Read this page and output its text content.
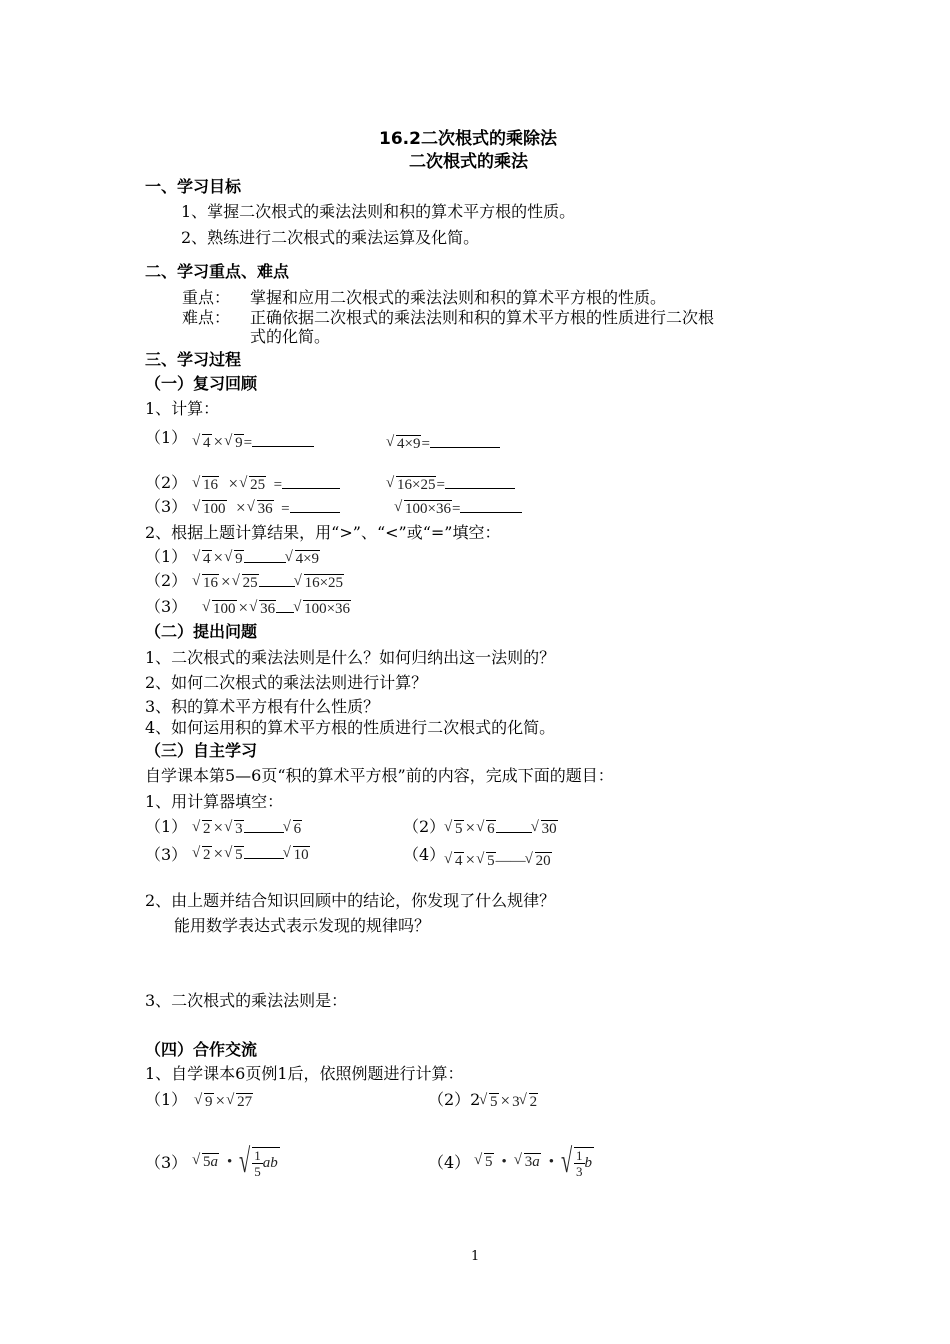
16.2二次根式的乘除法
二次根式的乘法
一、学习目标
1、掌握二次根式的乘法法则和积的算术平方根的性质。
2、熟练进行二次根式的乘法运算及化简。
二、学习重点、难点
重点： 掌握和应用二次根式的乘法法则和积的算术平方根的性质。
难点： 正确依据二次根式的乘法法则和积的算术平方根的性质进行二次根
式的化简。
三、学习过程
（一）复习回顾
1、计算：
（1）	√ 4 × √ 9=	√ 4×9=
（2）	√ 16 × √ 25 =	√ 16×25=
（3）	√ 100 × √ 36 =	√ 100×36=
2、根据上题计算结果，用“>”、“<”或“=”填空：
（1）	√ 4 × √ 9	√ 4×9
（2）	√ 16 × √ 25	√ 16×25
（3）	√ 100 × √ 36 √ 100×36
（二）提出问题
1、二次根式的乘法法则是什么？如何归纳出这一法则的？
2、如何二次根式的乘法法则进行计算？
3、积的算术平方根有什么性质？
4、如何运用积的算术平方根的性质进行二次根式的化简。
（三）自主学习
自学课本第5—6页“积的算术平方根”前的内容，完成下面的题目：
1、用计算器填空：
（1）	√ 2 × √ 3	√ 6	（2） √ 5 × √ 6	√ 30
（3）	√ 2 × √ 5	√ 10	（4） √ 4 × √ 5—— √ 20
2、由上题并结合知识回顾中的结论，你发现了什么规律？
能用数学表达式表示发现的规律吗？
3、二次根式的乘法法则是：
（四）合作交流
1、自学课本6页例1后，依照例题进行计算：
（1）	√ 9 × √ 27	（2）2 √ 5 × 3 √ 2
（3）	√ 5a • √ $\frac{1}{5}$ ab	（4） √ 5 •	√ 3a • √ $\frac{1}{3}$ b
1
